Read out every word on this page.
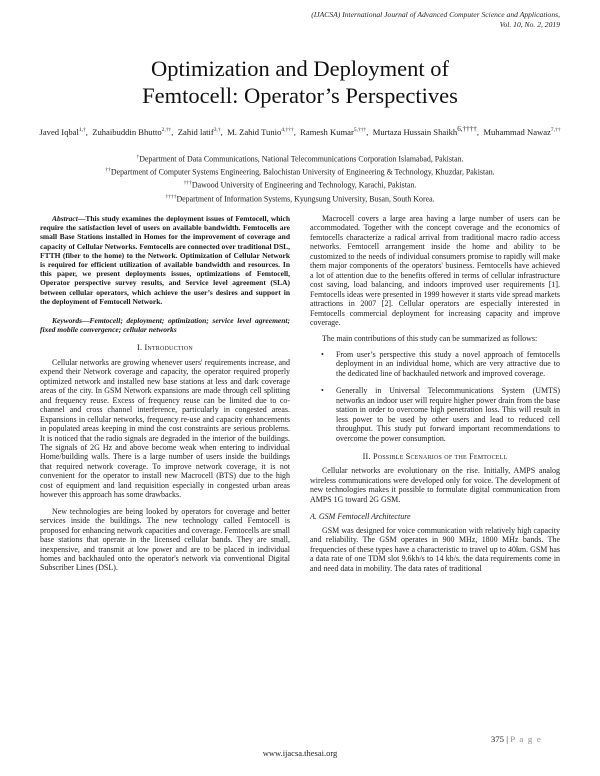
(IJACSA) International Journal of Advanced Computer Science and Applications,
Vol. 10, No. 2, 2019
Optimization and Deployment of
Femtocell: Operator’s Perspectives
Javed Iqbal$^{1,\dagger}$,  Zuhaibuddin Bhutto$^{2,\dagger\dagger}$,  Zahid latif$^{3,\dagger}$,  M. Zahid Tunio$^{4,\dagger\dagger\dagger}$,  Ramesh Kumar$^{5,\dagger\dagger\dagger}$,  Murtaza Hussain Shaikh$^{6,\dagger\dagger\dagger\dagger}$,  Muhammad Nawaz$^{7,\dagger\dagger}$
†Department of Data Communications, National Telecommunications Corporation Islamabad, Pakistan.
††Department of Computer Systems Engineering, Balochistan University of Engineering & Technology, Khuzdar, Pakistan.
†††Dawood University of Engineering and Technology, Karachi, Pakistan.
††††Department of Information Systems, Kyungsung University, Busan, South Korea.

Abstract—This study examines the deployment issues of Femtocell, which require the satisfaction level of users on available bandwidth. Femtocells are small Base Stations installed in Homes for the improvement of coverage and capacity of Cellular Networks. Femtocells are connected over traditional DSL, FTTH (fiber to the home) to the Network. Optimization of Cellular Network is required for efficient utilization of available bandwidth and resources. In this paper, we present deployments issues, optimizations of Femtocell, Operator perspective survey results, and Service level agreement (SLA) between cellular operators, which achieve the user’s desires and support in the deployment of Femtocell Network.

Keywords—Femtocell; deployment; optimization; service level agreement; fixed mobile convergence; cellular networks

I. Introduction

Cellular networks are growing whenever users' requirements increase, and expend their Network coverage and capacity, the operator required properly optimized network and installed new base stations at less and dark coverage areas of the city. In GSM Network expansions are made through cell splitting and frequency reuse. Excess of frequency reuse can be limited due to co-channel and cross channel interference, particularly in congested areas. Expansions in cellular networks, frequency re-use and capacity enhancements in populated areas keeping in mind the cost constraints are serious problems. It is noticed that the radio signals are degraded in the interior of the buildings. The signals of 2G Hz and above become weak when entering to individual Home/building walls. There is a large number of users inside the buildings that required network coverage. To improve network coverage, it is not convenient for the operator to install new Macrocell (BTS) due to the high cost of equipment and land requisition especially in congested urban areas however this approach has some drawbacks.

New technologies are being looked by operators for coverage and better services inside the buildings. The new technology called Femtocell is proposed for enhancing network capacities and coverage. Femtocells are small base stations that operate in the licensed cellular bands. They are small, inexpensive, and transmit at low power and are to be placed in individual homes and backhauled onto the operator's network via conventional Digital Subscriber Lines (DSL).

Macrocell covers a large area having a large number of users can be accommodated. Together with the concept coverage and the economics of femtocells characterize a radical arrival from traditional macro radio access networks. Femtocell arrangement inside the home and ability to be customized to the needs of individual consumers promise to rapidly will make them major components of the operators' business. Femtocells have achieved a lot of attention due to the benefits offered in terms of cellular infrastructure cost saving, load balancing, and indoors improved user requirements [1]. Femtocells ideas were presented in 1999 however it starts vide spread markets attractions in 2007 [2]. Cellular operators are especially interested in Femtocells commercial deployment for increasing capacity and improve coverage.

The main contributions of this study can be summarized as follows:

• From user’s perspective this study a novel approach of femtocells deployment in an individual home, which are very attractive due to the dedicated line of backhauled network and improved coverage.
• Generally in Universal Telecommunications System (UMTS) networks an indoor user will require higher power drain from the base station in order to overcome high penetration loss. This will result in less power to be used by other users and lead to reduced cell throughput. This study put forward important recommendations to overcome the power consumption.
II. Possible Scenarios of the Femtocell

Cellular networks are evolutionary on the rise. Initially, AMPS analog wireless communications were developed only for voice. The development of new technologies makes it possible to formulate digital communication from AMPS 1G toward 2G GSM.

A. GSM Femtocell Architecture

GSM was designed for voice communication with relatively high capacity and reliability. The GSM operates in 900 MHz, 1800 MHz bands. The frequencies of these types have a characteristic to travel up to 40km. GSM has a data rate of one TDM slot 9.6kb/s to 14 kb/s. the data requirements come in and need data in mobility. The data rates of traditional

375 | P a g e
www.ijacsa.thesai.org
